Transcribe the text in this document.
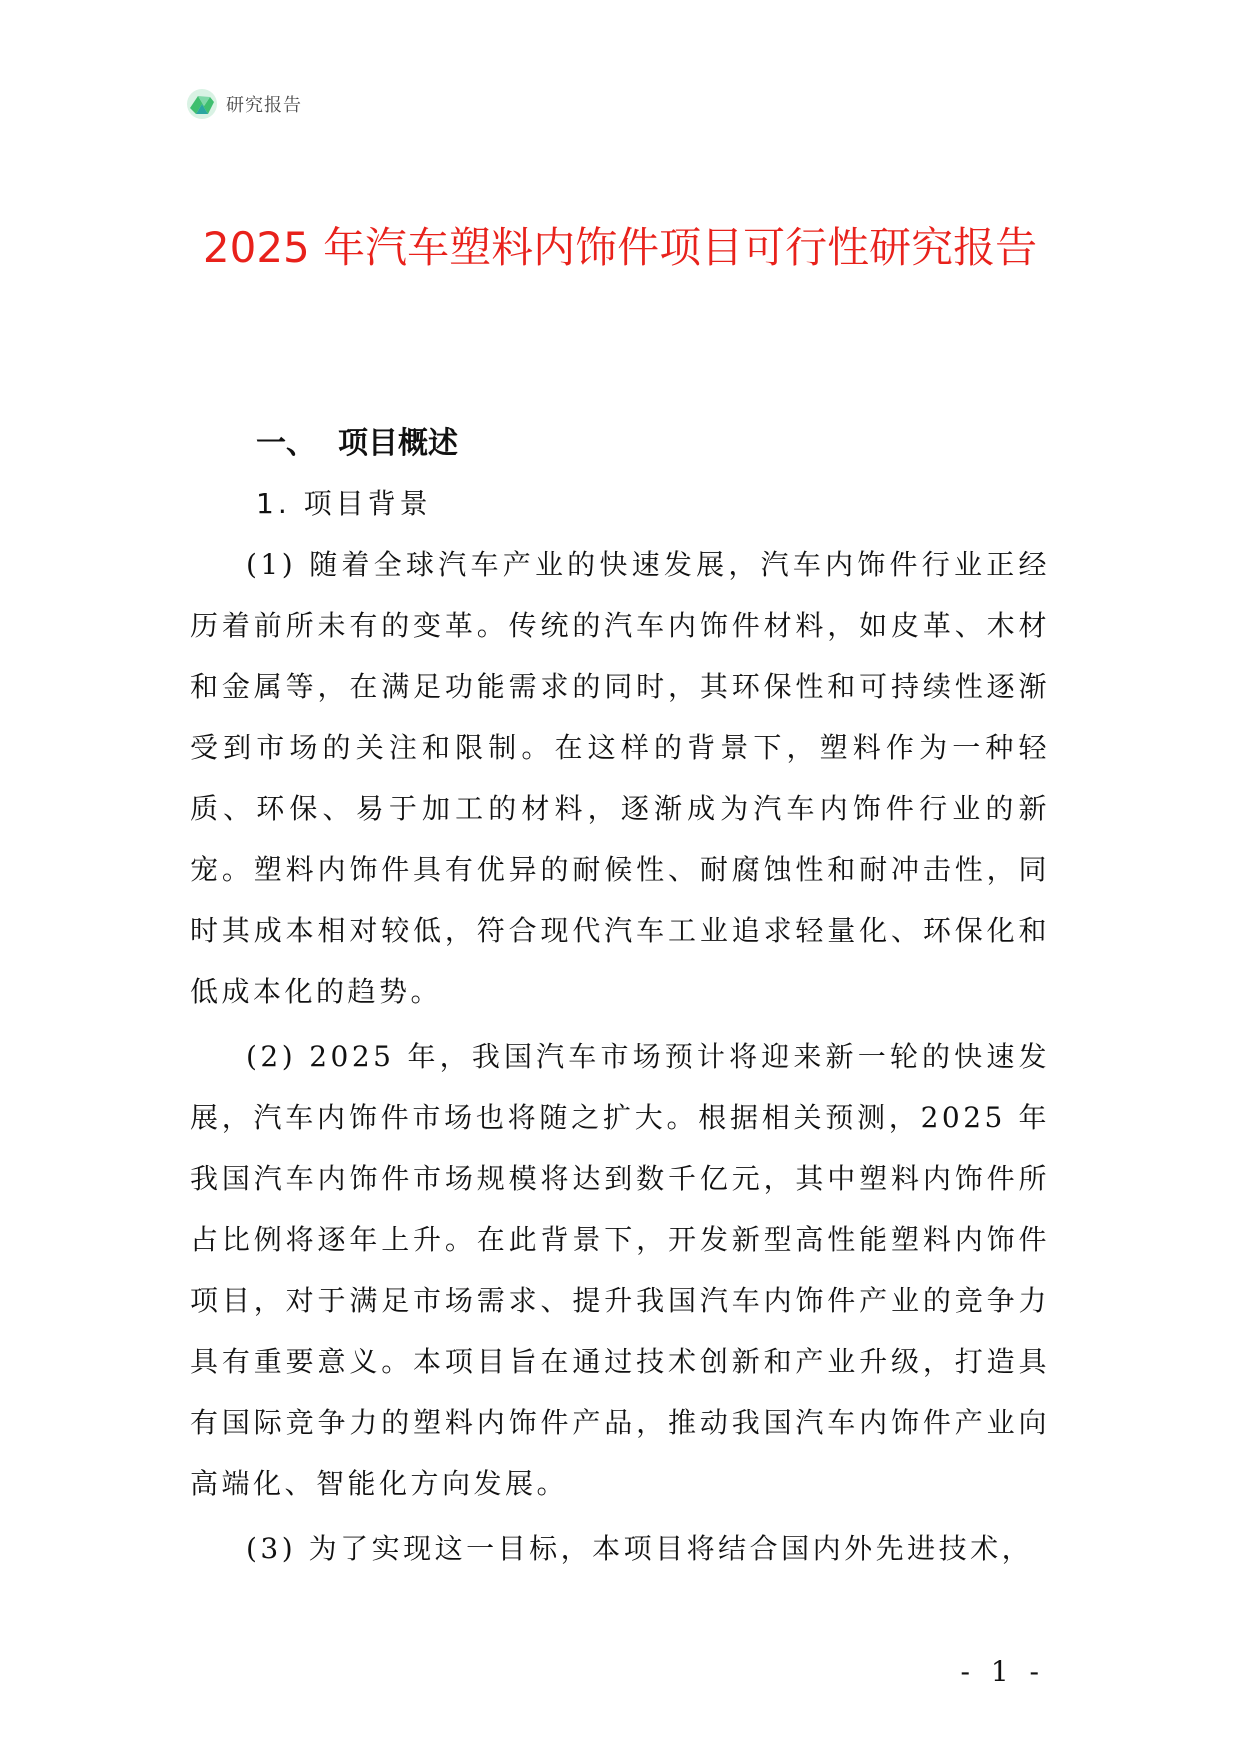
研究报告
2025 年汽车塑料内饰件项目可行性研究报告
一、 项目概述
1. 项目背景

(1) 随着全球汽车产业的快速发展，汽车内饰件行业正经历着前所未有的变革。传统的汽车内饰件材料，如皮革、木材和金属等，在满足功能需求的同时，其环保性和可持续性逐渐受到市场的关注和限制。在这样的背景下，塑料作为一种轻质、环保、易于加工的材料，逐渐成为汽车内饰件行业的新宠。塑料内饰件具有优异的耐候性、耐腐蚀性和耐冲击性，同时其成本相对较低，符合现代汽车工业追求轻量化、环保化和低成本化的趋势。

(2) 2025 年，我国汽车市场预计将迎来新一轮的快速发展，汽车内饰件市场也将随之扩大。根据相关预测，2025 年我国汽车内饰件市场规模将达到数千亿元，其中塑料内饰件所占比例将逐年上升。在此背景下，开发新型高性能塑料内饰件项目，对于满足市场需求、提升我国汽车内饰件产业的竞争力具有重要意义。本项目旨在通过技术创新和产业升级，打造具有国际竞争力的塑料内饰件产品，推动我国汽车内饰件产业向高端化、智能化方向发展。

(3) 为了实现这一目标，本项目将结合国内外先进技术，

- 1 -
